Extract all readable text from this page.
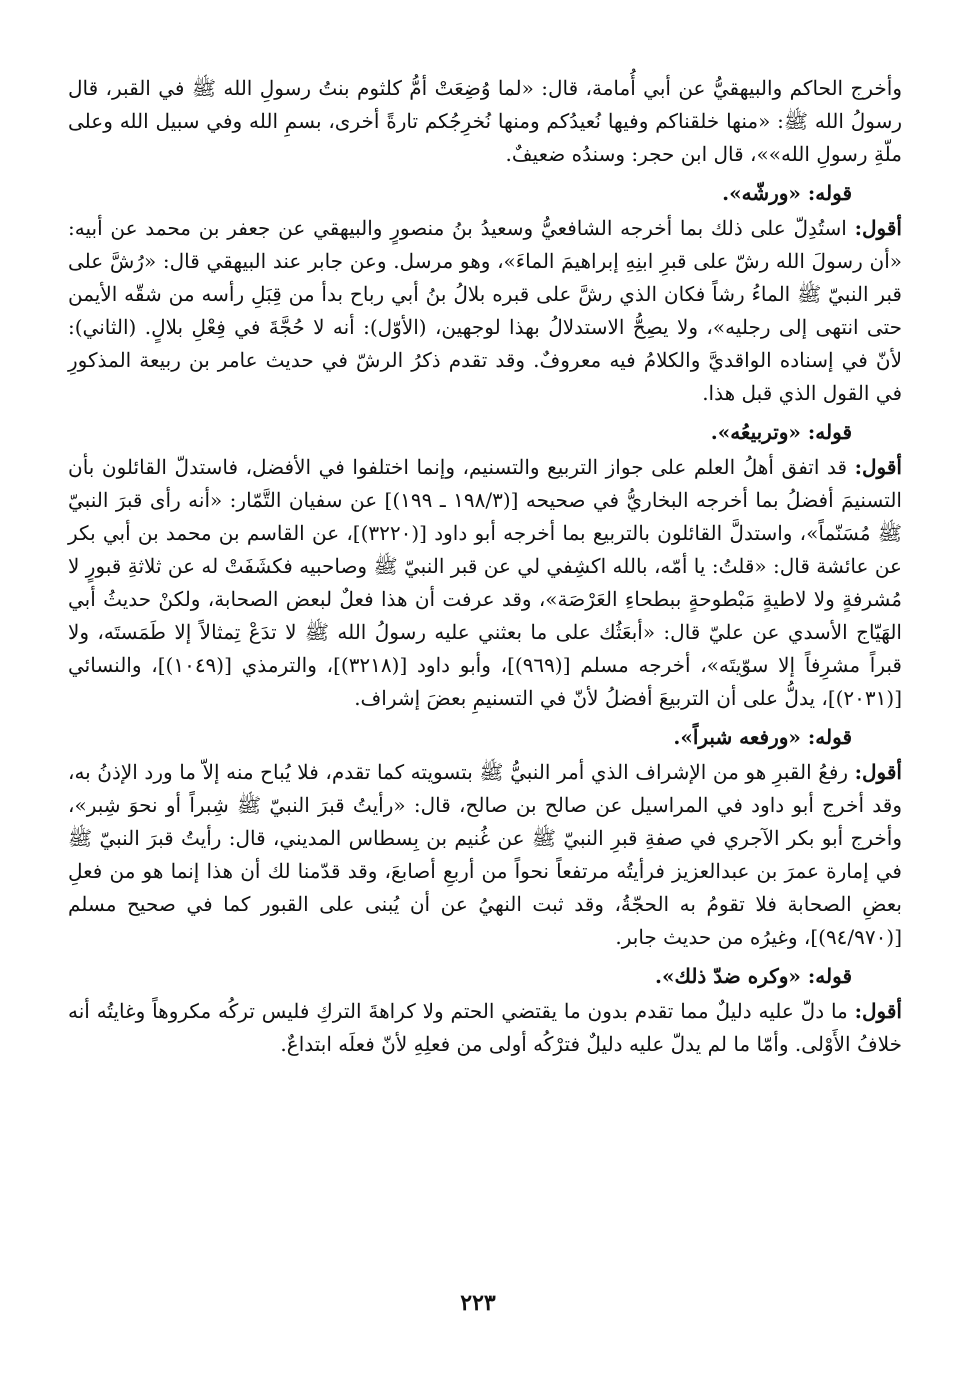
وأخرج الحاكم والبيهقيُّ عن أبي أُمامة، قال: «لما وُضِعَتْ أمُّ كلثوم بنتُ رسولِ الله ﷺ في القبر، قال رسولُ الله ﷺ: «منها خلقناكم وفيها نُعيدُكم ومنها نُخرِجُكم تارةً أخرى، بسمِ الله وفي سبيل الله وعلى ملّةِ رسولِ الله»»، قال ابن حجر: وسندُه ضعيفٌ.

قوله: «ورشّه».

أقول: استُدِلّ على ذلك بما أخرجه الشافعيُّ وسعيدُ بنُ منصورٍ والبيهقي عن جعفر بن محمد عن أبيه: «أن رسولَ الله رشّ على قبرِ ابنِهِ إبراهيمَ الماءَ»، وهو مرسل. وعن جابر عند البيهقي قال: «رُشَّ على قبر النبيّ ﷺ الماءُ رشاً فكان الذي رشَّ على قبره بلالُ بنُ أبي رباح بدأ من قِبَلِ رأسه من شقّه الأيمن حتى انتهى إلى رجليه»، ولا يصِحُّ الاستدلالُ بهذا لوجهين، (الأوّل): أنه لا حُجَّةَ في فِعْلِ بلالٍ. (الثاني): لأنّ في إسناده الواقديَّ والكلامُ فيه معروفٌ. وقد تقدم ذكرُ الرشّ في حديث عامر بن ربيعة المذكورِ في القول الذي قبل هذا.

قوله: «وتربيعُه».

أقول: قد اتفق أهلُ العلم على جواز التربيع والتسنيم، وإنما اختلفوا في الأفضل، فاستدلّ القائلون بأن التسنيمَ أفضلُ بما أخرجه البخاريُّ في صحيحه [(١٩٨/٣ ـ ١٩٩)] عن سفيان التَّمّار: «أنه رأى قبرَ النبيّ ﷺ مُسَنّماً»، واستدلَّ القائلون بالتربيع بما أخرجه أبو داود [(٣٢٢٠)]، عن القاسم بن محمد بن أبي بكر عن عائشة قال: «قلتُ: يا أمّه، بالله اكشِفي لي عن قبر النبيّ ﷺ وصاحبيه فكشَفَتْ له عن ثلاثةِ قبورٍ لا مُشرفةٍ ولا لاطيةٍ مَبْطوحةٍ ببطحاءِ العَرْصَة»، وقد عرفت أن هذا فعلٌ لبعض الصحابة، ولكنْ حديثُ أبي الهَيّاج الأسدي عن عليّ قال: «أبعَثُك على ما بعثني عليه رسولُ الله ﷺ لا تدَعْ تِمثالاً إلا طَمَستَه، ولا قبراً مشرِفاً إلا سوّيتَه»، أخرجه مسلم [(٩٦٩)]، وأبو داود [(٣٢١٨)]، والترمذي [(١٠٤٩)]، والنسائي [(٢٠٣١)]، يدلُّ على أن التربيعَ أفضلُ لأنّ في التسنيمِ بعضَ إشراف.

قوله: «ورفعه شبراً».

أقول: رفعُ القبرِ هو من الإشراف الذي أمر النبيُّ ﷺ بتسويته كما تقدم، فلا يُباح منه إلاّ ما ورد الإذنُ به، وقد أخرج أبو داود في المراسيل عن صالح بن صالح، قال: «رأيتُ قبرَ النبيّ ﷺ شِبراً أو نحوَ شِبر»، وأخرج أبو بكر الآجري في صفةِ قبرِ النبيّ ﷺ عن غُنيم بن بِسطاس المديني، قال: رأيتُ قبرَ النبيّ ﷺ في إمارة عمرَ بن عبدالعزيز فرأيتُه مرتفعاً نحواً من أربعِ أصابعَ، وقد قدّمنا لك أن هذا إنما هو من فعلِ بعضِ الصحابة فلا تقومُ به الحجّةُ، وقد ثبت النهيُ عن أن يُبنى على القبور كما في صحيح مسلم [(٩٤/٩٧٠)]، وغيرُه من حديث جابر.

قوله: «وكره ضدّ ذلك».

أقول: ما دلّ عليه دليلٌ مما تقدم بدون ما يقتضي الحتم ولا كراهةَ التركِ فليس تركُه مكروهاً وغايتُه أنه خلافُ الأَوْلى. وأمّا ما لم يدلّ عليه دليلٌ فترْكُه أولى من فعلِهِ لأنّ فعلَه ابتداعٌ.

٢٢٣
